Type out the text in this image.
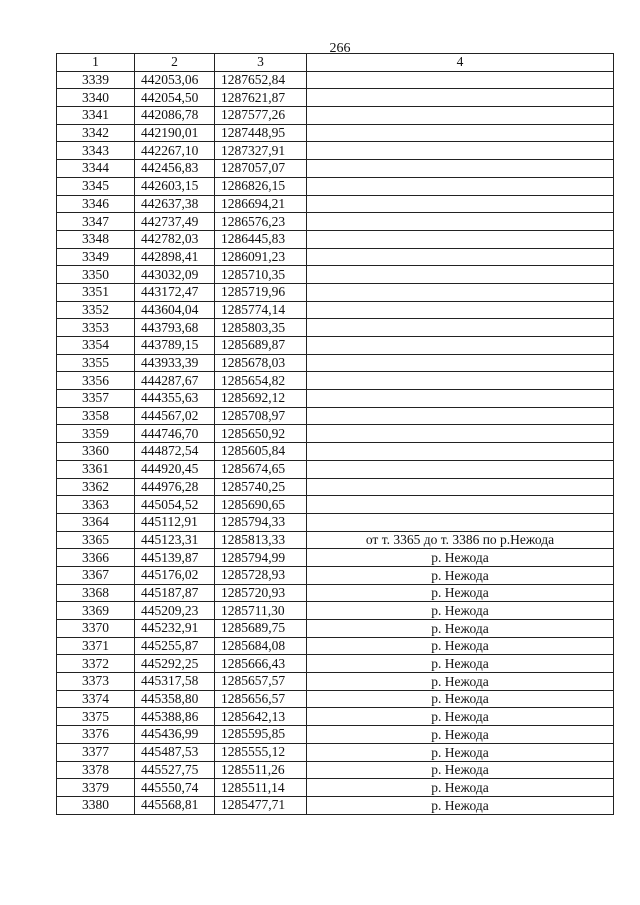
266
1	2	3	4
3339	442053,06	1287652,84	
3340	442054,50	1287621,87	
3341	442086,78	1287577,26	
3342	442190,01	1287448,95	
3343	442267,10	1287327,91	
3344	442456,83	1287057,07	
3345	442603,15	1286826,15	
3346	442637,38	1286694,21	
3347	442737,49	1286576,23	
3348	442782,03	1286445,83	
3349	442898,41	1286091,23	
3350	443032,09	1285710,35	
3351	443172,47	1285719,96	
3352	443604,04	1285774,14	
3353	443793,68	1285803,35	
3354	443789,15	1285689,87	
3355	443933,39	1285678,03	
3356	444287,67	1285654,82	
3357	444355,63	1285692,12	
3358	444567,02	1285708,97	
3359	444746,70	1285650,92	
3360	444872,54	1285605,84	
3361	444920,45	1285674,65	
3362	444976,28	1285740,25	
3363	445054,52	1285690,65	
3364	445112,91	1285794,33	
3365	445123,31	1285813,33	от т. 3365 до т. 3386 по р.Нежода
3366	445139,87	1285794,99	р. Нежода
3367	445176,02	1285728,93	р. Нежода
3368	445187,87	1285720,93	р. Нежода
3369	445209,23	1285711,30	р. Нежода
3370	445232,91	1285689,75	р. Нежода
3371	445255,87	1285684,08	р. Нежода
3372	445292,25	1285666,43	р. Нежода
3373	445317,58	1285657,57	р. Нежода
3374	445358,80	1285656,57	р. Нежода
3375	445388,86	1285642,13	р. Нежода
3376	445436,99	1285595,85	р. Нежода
3377	445487,53	1285555,12	р. Нежода
3378	445527,75	1285511,26	р. Нежода
3379	445550,74	1285511,14	р. Нежода
3380	445568,81	1285477,71	р. Нежода
